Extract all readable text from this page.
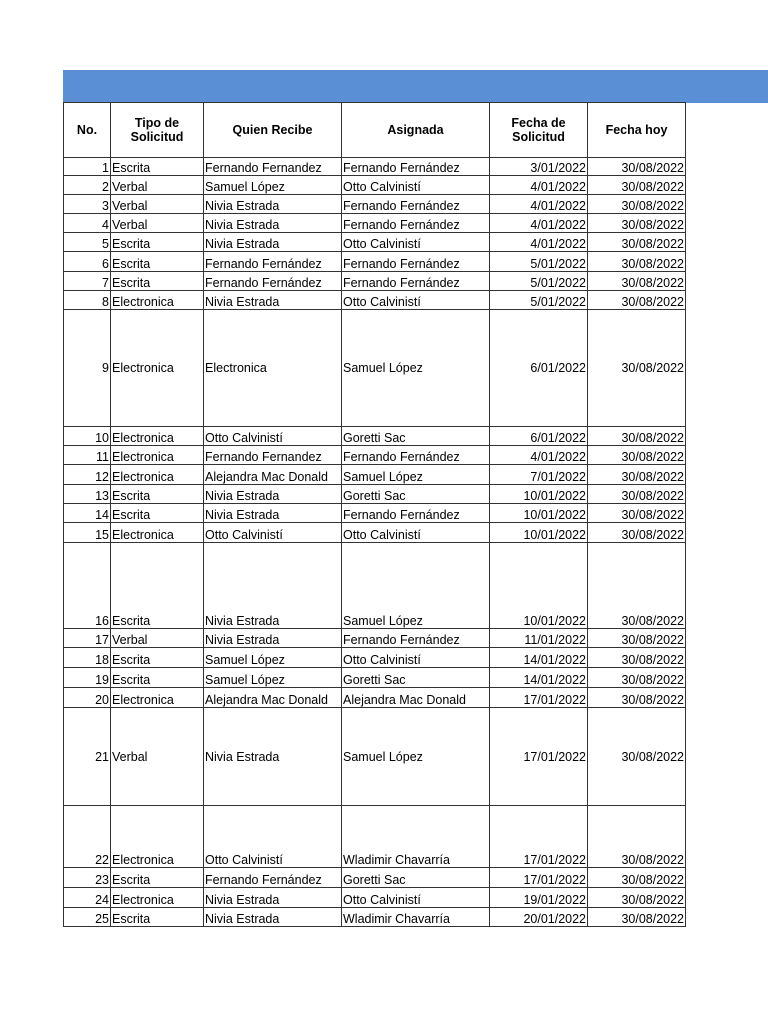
No.	Tipo de Solicitud	Quien Recibe	Asignada	Fecha de Solicitud	Fecha hoy
1	Escrita	Fernando Fernandez	Fernando Fernández	3/01/2022	30/08/2022
2	Verbal	Samuel López	Otto Calvinistí	4/01/2022	30/08/2022
3	Verbal	Nivia Estrada	Fernando Fernández	4/01/2022	30/08/2022
4	Verbal	Nivia Estrada	Fernando Fernández	4/01/2022	30/08/2022
5	Escrita	Nivia Estrada	Otto Calvinistí	4/01/2022	30/08/2022
6	Escrita	Fernando Fernández	Fernando Fernández	5/01/2022	30/08/2022
7	Escrita	Fernando Fernández	Fernando Fernández	5/01/2022	30/08/2022
8	Electronica	Nivia Estrada	Otto Calvinistí	5/01/2022	30/08/2022
9	Electronica	Electronica	Samuel López	6/01/2022	30/08/2022
10	Electronica	Otto Calvinistí	Goretti Sac	6/01/2022	30/08/2022
11	Electronica	Fernando Fernandez	Fernando Fernández	4/01/2022	30/08/2022
12	Electronica	Alejandra Mac Donald	Samuel López	7/01/2022	30/08/2022
13	Escrita	Nivia Estrada	Goretti Sac	10/01/2022	30/08/2022
14	Escrita	Nivia Estrada	Fernando Fernández	10/01/2022	30/08/2022
15	Electronica	Otto Calvinistí	Otto Calvinistí	10/01/2022	30/08/2022
16	Escrita	Nivia Estrada	Samuel López	10/01/2022	30/08/2022
17	Verbal	Nivia Estrada	Fernando Fernández	11/01/2022	30/08/2022
18	Escrita	Samuel López	Otto Calvinistí	14/01/2022	30/08/2022
19	Escrita	Samuel López	Goretti Sac	14/01/2022	30/08/2022
20	Electronica	Alejandra Mac Donald	Alejandra Mac Donald	17/01/2022	30/08/2022
21	Verbal	Nivia Estrada	Samuel López	17/01/2022	30/08/2022
22	Electronica	Otto Calvinistí	Wladimir Chavarría	17/01/2022	30/08/2022
23	Escrita	Fernando Fernández	Goretti Sac	17/01/2022	30/08/2022
24	Electronica	Nivia Estrada	Otto Calvinistí	19/01/2022	30/08/2022
25	Escrita	Nivia Estrada	Wladimir Chavarría	20/01/2022	30/08/2022
